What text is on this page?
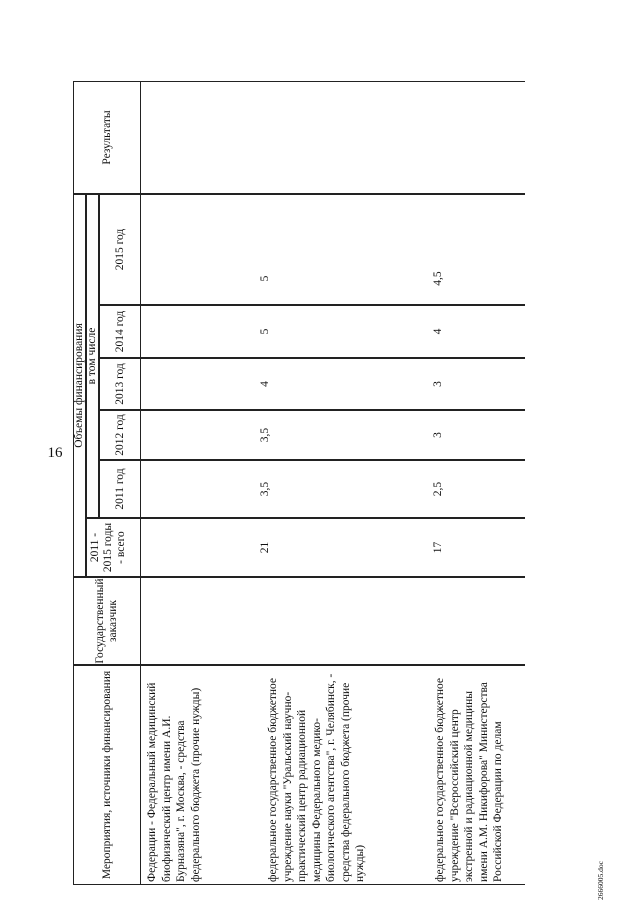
16
2666005.doc
Мероприятия, источники финансирования
Государственный заказчик
Объемы финансирования
2011 - 2015 годы - всего
в том числе
2011 год
2012 год
2013 год
2014 год
2015 год
Результаты
Федерации - Федеральный медицинский биофизический центр имени А.И. Бурназяна", г. Москва, - средства федерального бюджета (прочие нужды)	федеральное государственное бюджетное учреждение науки "Уральский научно-практический центр радиационной медицины Федерального медико-биологического агентства", г. Челябинск, - средства федерального бюджета (прочие нужды)
21
3,5
3,5
4
5
5
федеральное государственное бюджетное учреждение "Всероссийский центр экстренной и радиационной медицины имени А.М. Никифорова" Министерства Российской Федерации по делам
17
2,5
3
3
4
4,5
